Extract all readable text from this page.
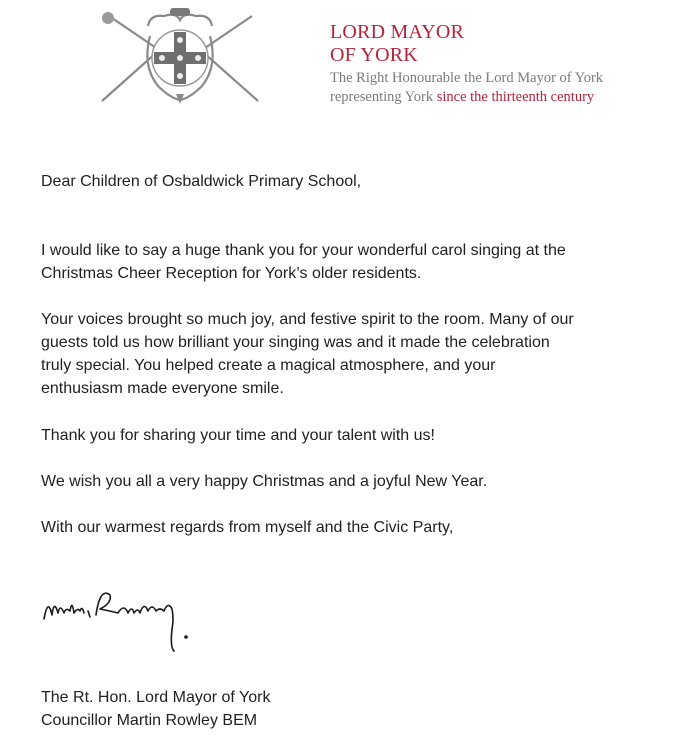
LORD MAYOR
OF YORK
The Right Honourable the Lord Mayor of York
representing York since the thirteenth century
Dear Children of Osbaldwick Primary School,
I would like to say a huge thank you for your wonderful carol singing at the
Christmas Cheer Reception for York’s older residents.
Your voices brought so much joy, and festive spirit to the room. Many of our
guests told us how brilliant your singing was and it made the celebration
truly special. You helped create a magical atmosphere, and your
enthusiasm made everyone smile.
Thank you for sharing your time and your talent with us!
We wish you all a very happy Christmas and a joyful New Year.
With our warmest regards from myself and the Civic Party,
The Rt. Hon. Lord Mayor of York
Councillor Martin Rowley BEM
